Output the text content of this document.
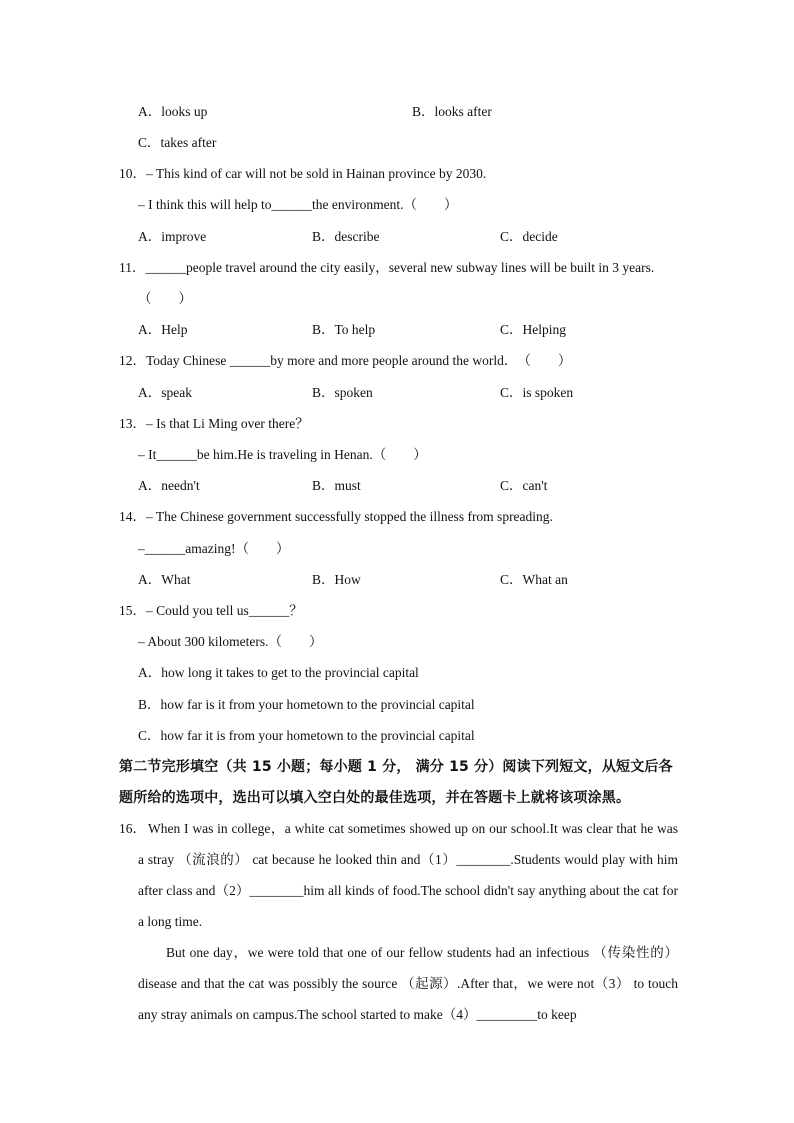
A．looks up	B．looks after
C．takes after
10．– This kind of car will not be sold in Hainan province by 2030.
– I think this will help to______the environment.（　　）
A．improve	B．describe	C．decide
11．______people travel around the city easily，several new subway lines will be built in 3 years.
（　　）
A．Help	B．To help	C．Helping
12．Today Chinese ______by more and more people around the world．　（　　）
A．speak	B．spoken	C．is spoken
13．– Is that Li Ming over there？
– It______be him.He is traveling in Henan.（　　）
A．needn't	B．must	C．can't
14．– The Chinese government successfully stopped the illness from spreading.
–______amazing!（　　）
A．What	B．How	C．What an
15．– Could you tell us______？
– About 300 kilometers.（　　）
A．how long it takes to get to the provincial capital
B．how far is it from your hometown to the provincial capital
C．how far it is from your hometown to the provincial capital
第二节完形填空（共 15 小题；每小题 1 分， 满分 15 分）阅读下列短文，从短文后各题所给的选项中，选出可以填入空白处的最佳选项，并在答题卡上就将该项涂黑。
16． When I was in college，a white cat sometimes showed up on our school.It was clear that he was a stray （流浪的） cat because he looked thin and（1）________.Students would play with him after class and（2）________him all kinds of food.The school didn't say anything about the cat for a long time.

But one day，we were told that one of our fellow students had an infectious （传染性的） disease and that the cat was possibly the source （起源）.After that，we were not（3） to touch any stray animals on campus.The school started to make（4）_________to keep
